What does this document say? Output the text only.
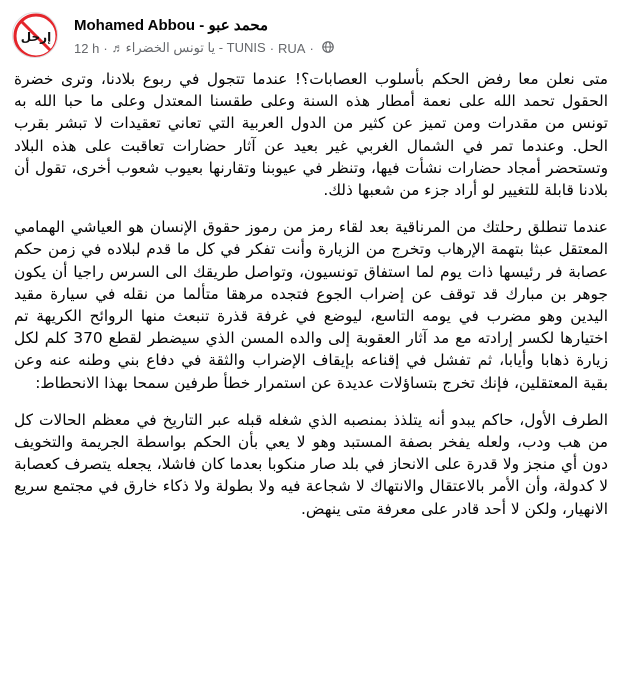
إرحل
Mohamed Abbou - محمد عبو
12 h · ♬ يا تونس الخضراء - TUNIS · RUA ·

متى نعلن معا رفض الحكم بأسلوب العصابات؟! عندما تتجول في ربوع بلادنا، وترى خضرة الحقول تحمد الله على نعمة أمطار هذه السنة وعلى طقسنا المعتدل وعلى ما حبا الله به تونس من مقدرات ومن تميز عن كثير من الدول العربية التي تعاني تعقيدات لا تبشر بقرب الحل. وعندما تمر في الشمال الغربي غير بعيد عن آثار حضارات تعاقبت على هذه البلاد وتستحضر أمجاد حضارات نشأت فيها، وتنظر في عيوبنا وتقارنها بعيوب شعوب أخرى، تقول أن بلادنا قابلة للتغيير لو أراد جزء من شعبها ذلك.

عندما تنطلق رحلتك من المرناقية بعد لقاء رمز من رموز حقوق الإنسان هو العياشي الهمامي المعتقل عبثا بتهمة الإرهاب وتخرج من الزيارة وأنت تفكر في كل ما قدم لبلاده في زمن حكم عصابة فر رئيسها ذات يوم لما استفاق تونسيون، وتواصل طريقك الى السرس راجيا أن يكون جوهر بن مبارك قد توقف عن إضراب الجوع فتجده مرهقا متألما من نقله في سيارة مقيد اليدين وهو مضرب في يومه التاسع، ليوضع في غرفة قذرة تنبعث منها الروائح الكريهة تم اختيارها لكسر إرادته مع مد آثار العقوبة إلى والده المسن الذي سيضطر لقطع 370 كلم لكل زيارة ذهابا وأيابا، ثم تفشل في إقناعه بإيقاف الإضراب والثقة في دفاع بني وطنه عنه وعن بقية المعتقلين، فإنك تخرج بتساؤلات عديدة عن استمرار خطأ طرفين سمحا بهذا الانحطاط:

الطرف الأول، حاكم يبدو أنه يتلذذ بمنصبه الذي شغله قبله عبر التاريخ في معظم الحالات كل من هب ودب، ولعله يفخر بصفة المستبد وهو لا يعي بأن الحكم بواسطة الجريمة والتخويف دون أي منجز ولا قدرة على الانحاز في بلد صار منكوبا بعدما كان فاشلا، يجعله يتصرف كعصابة لا كدولة، وأن الأمر بالاعتقال والانتهاك لا شجاعة فيه ولا بطولة ولا ذكاء خارق في مجتمع سريع الانهيار، ولكن لا أحد قادر على معرفة متى ينهض.
